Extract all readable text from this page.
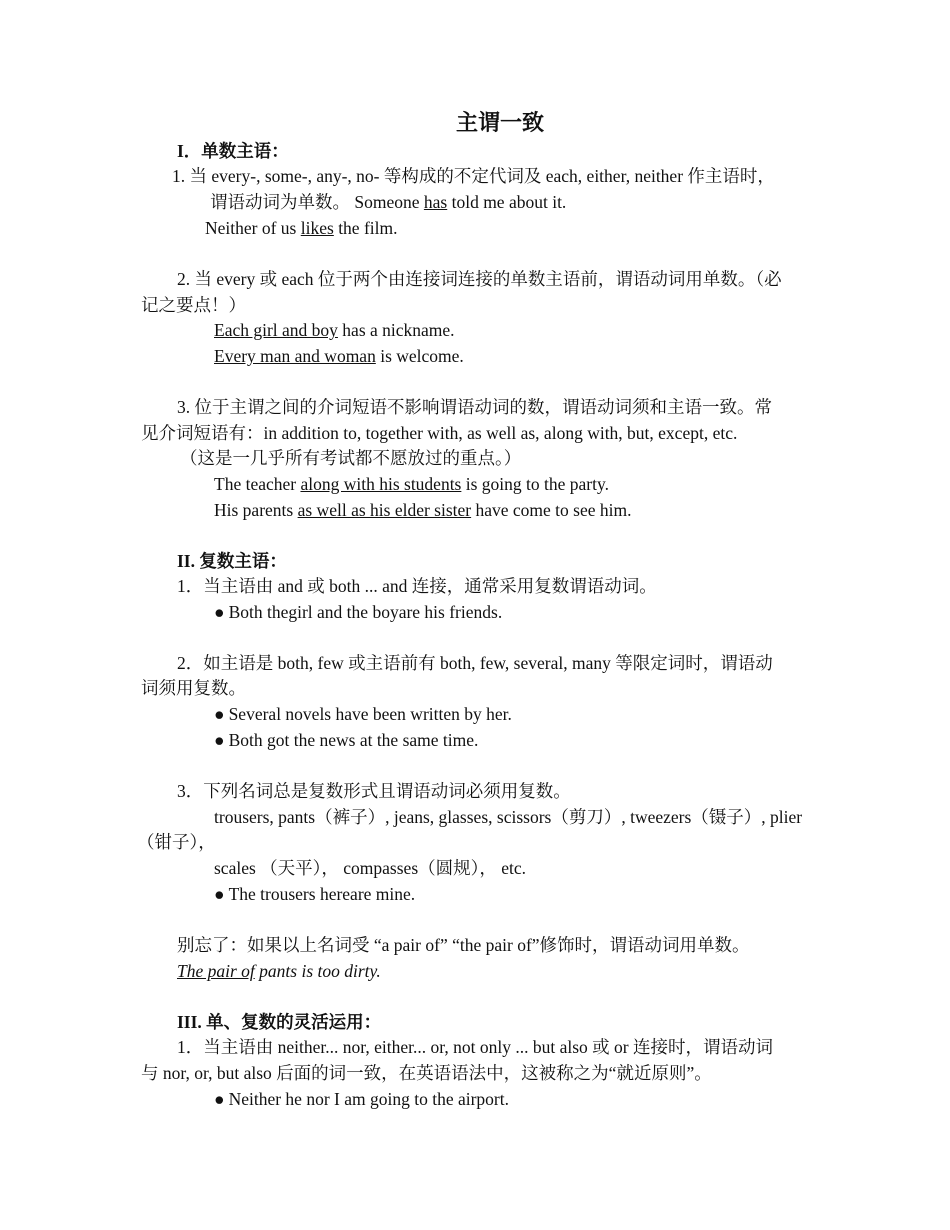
主谓一致
I．单数主语：
1. 当 every-, some-, any-, no- 等构成的不定代词及 each, either, neither 作主语时，
谓语动词为单数。 Someone has told me about it.
Neither of us likes the film.
2. 当 every 或 each 位于两个由连接词连接的单数主语前，谓语动词用单数。（必
记之要点！）
Each girl and boy has a nickname.
Every man and woman is welcome.
3. 位于主谓之间的介词短语不影响谓语动词的数，谓语动词须和主语一致。常
见介词短语有：in addition to, together with, as well as, along with, but, except, etc.
（这是一几乎所有考试都不愿放过的重点。）
The teacher along with his students is going to the party.
His parents as well as his elder sister have come to see him.
II. 复数主语：
1．当主语由 and 或 both ... and 连接，通常采用复数谓语动词。
● Both thegirl and the boyare his friends.
2．如主语是 both, few 或主语前有 both, few, several, many 等限定词时，谓语动
词须用复数。
● Several novels have been written by her.
● Both got the news at the same time.
3．下列名词总是复数形式且谓语动词必须用复数。
trousers, pants（裤子）, jeans, glasses, scissors（剪刀）, tweezers（镊子）, plier
（钳子），
scales （天平）， compasses（圆规）， etc.
● The trousers hereare mine.
别忘了：如果以上名词受 “a pair of” “the pair of”修饰时，谓语动词用单数。
The pair of pants is too dirty.
III. 单、复数的灵活运用：
1．当主语由 neither... nor, either... or, not only ... but also 或 or 连接时，谓语动词
与 nor, or, but also 后面的词一致，在英语语法中，这被称之为“就近原则”。
● Neither he nor I am going to the airport.
